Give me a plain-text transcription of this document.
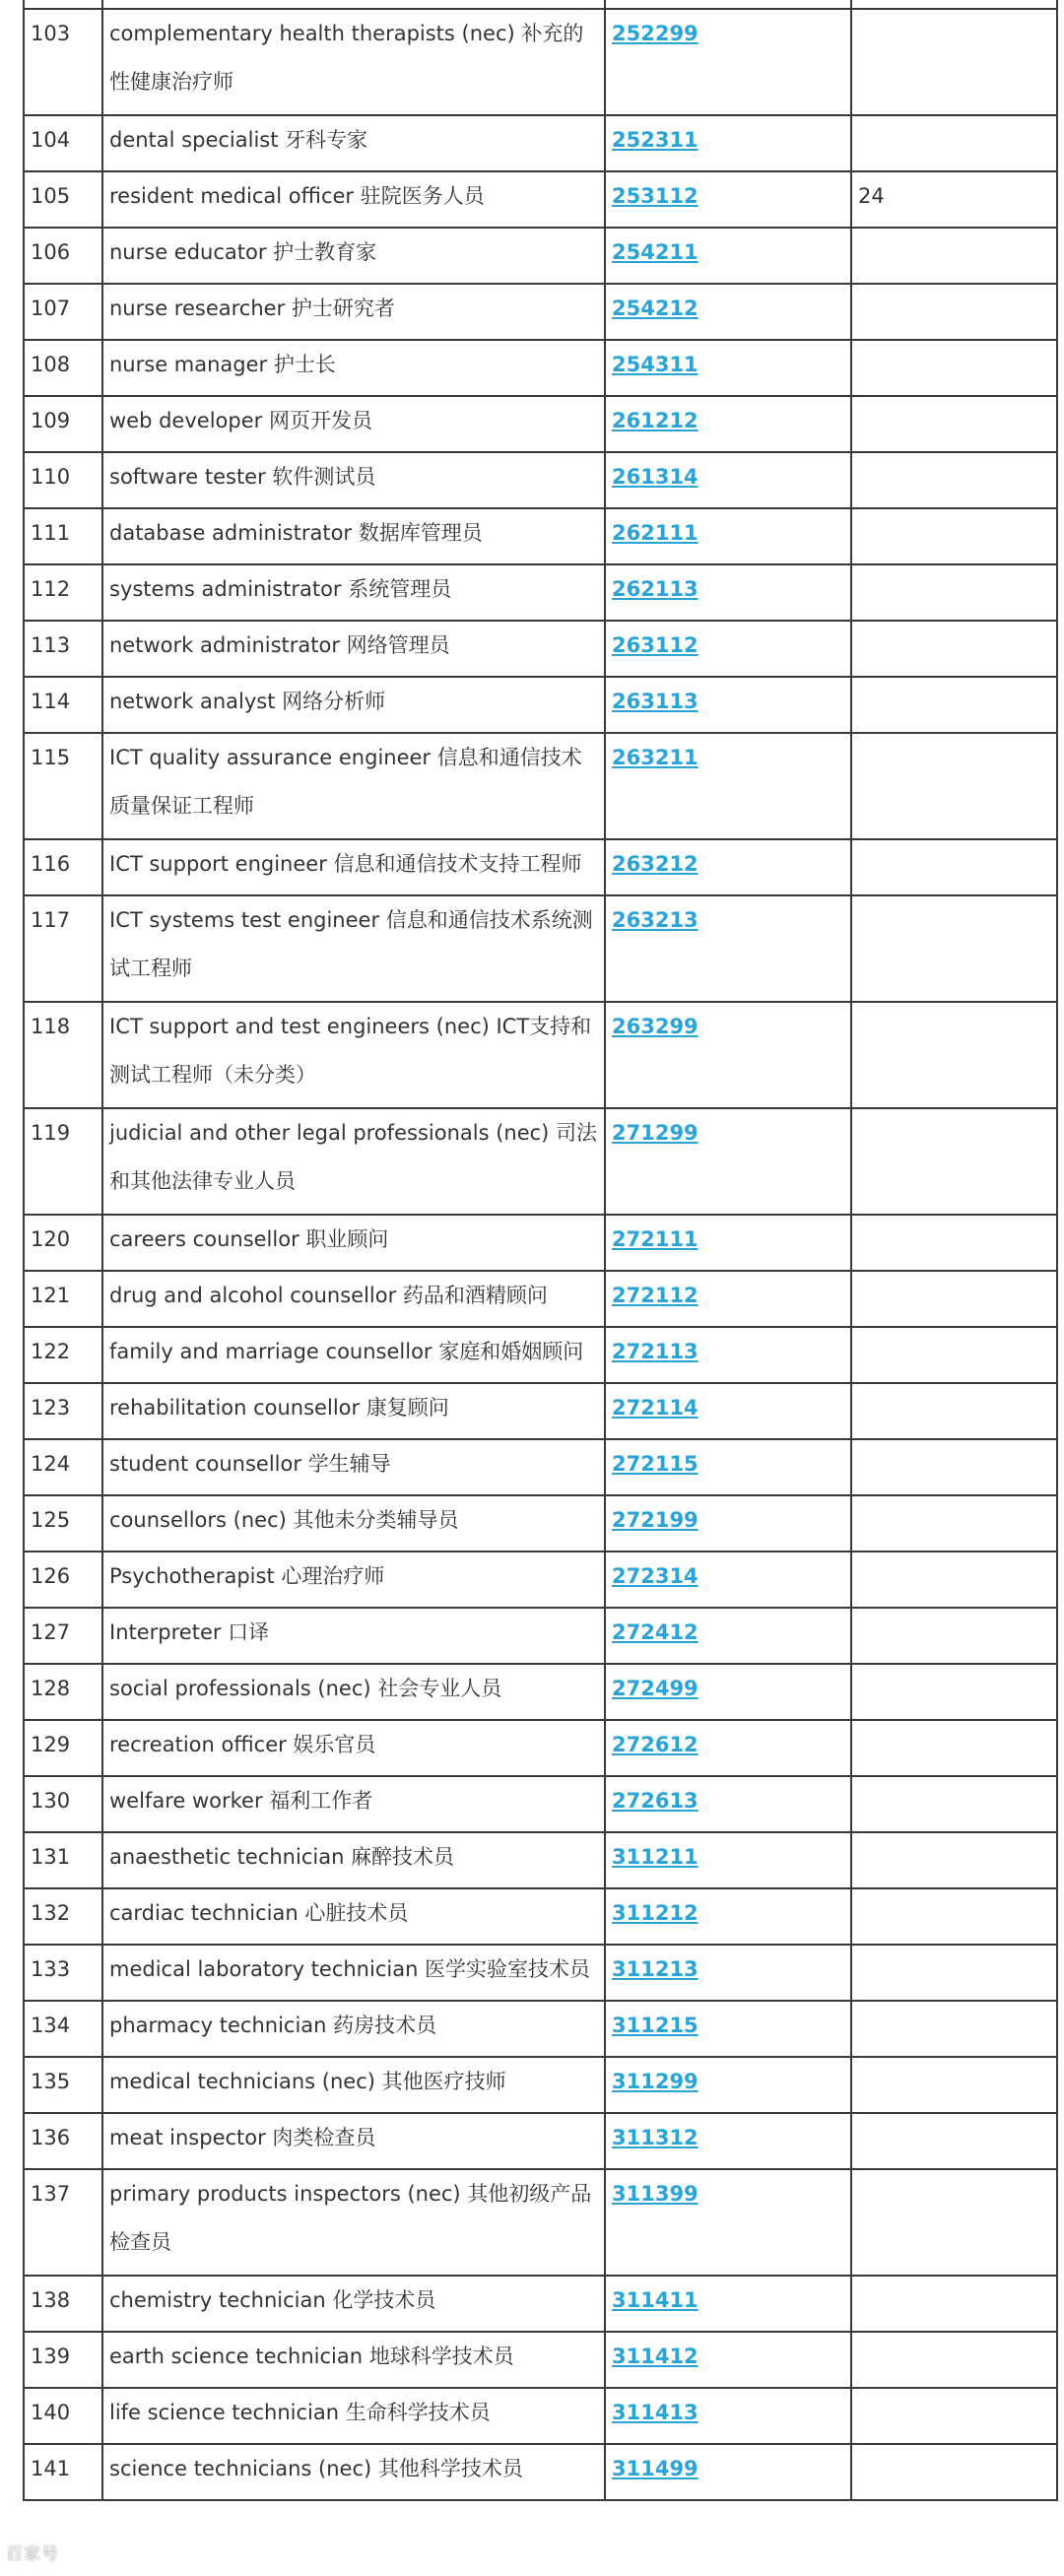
103	complementary health therapists (nec) 补充的性健康治疗师	252299	
104	dental specialist 牙科专家	252311	
105	resident medical officer 驻院医务人员	253112	24
106	nurse educator 护士教育家	254211	
107	nurse researcher 护士研究者	254212	
108	nurse manager 护士长	254311	
109	web developer 网页开发员	261212	
110	software tester 软件测试员	261314	
111	database administrator 数据库管理员	262111	
112	systems administrator 系统管理员	262113	
113	network administrator 网络管理员	263112	
114	network analyst 网络分析师	263113	
115	ICT quality assurance engineer 信息和通信技术质量保证工程师	263211	
116	ICT support engineer 信息和通信技术支持工程师	263212	
117	ICT systems test engineer 信息和通信技术系统测试工程师	263213	
118	ICT support and test engineers (nec) ICT支持和测试工程师（未分类）	263299	
119	judicial and other legal professionals (nec) 司法和其他法律专业人员	271299	
120	careers counsellor 职业顾问	272111	
121	drug and alcohol counsellor 药品和酒精顾问	272112	
122	family and marriage counsellor 家庭和婚姻顾问	272113	
123	rehabilitation counsellor 康复顾问	272114	
124	student counsellor 学生辅导	272115	
125	counsellors (nec) 其他未分类辅导员	272199	
126	Psychotherapist 心理治疗师	272314	
127	Interpreter 口译	272412	
128	social professionals (nec) 社会专业人员	272499	
129	recreation officer 娱乐官员	272612	
130	welfare worker 福利工作者	272613	
131	anaesthetic technician 麻醉技术员	311211	
132	cardiac technician 心脏技术员	311212	
133	medical laboratory technician 医学实验室技术员	311213	
134	pharmacy technician 药房技术员	311215	
135	medical technicians (nec) 其他医疗技师	311299	
136	meat inspector 肉类检查员	311312	
137	primary products inspectors (nec) 其他初级产品检查员	311399	
138	chemistry technician 化学技术员	311411	
139	earth science technician 地球科学技术员	311412	
140	life science technician 生命科学技术员	311413	
141	science technicians (nec) 其他科学技术员	311499	
百家号
